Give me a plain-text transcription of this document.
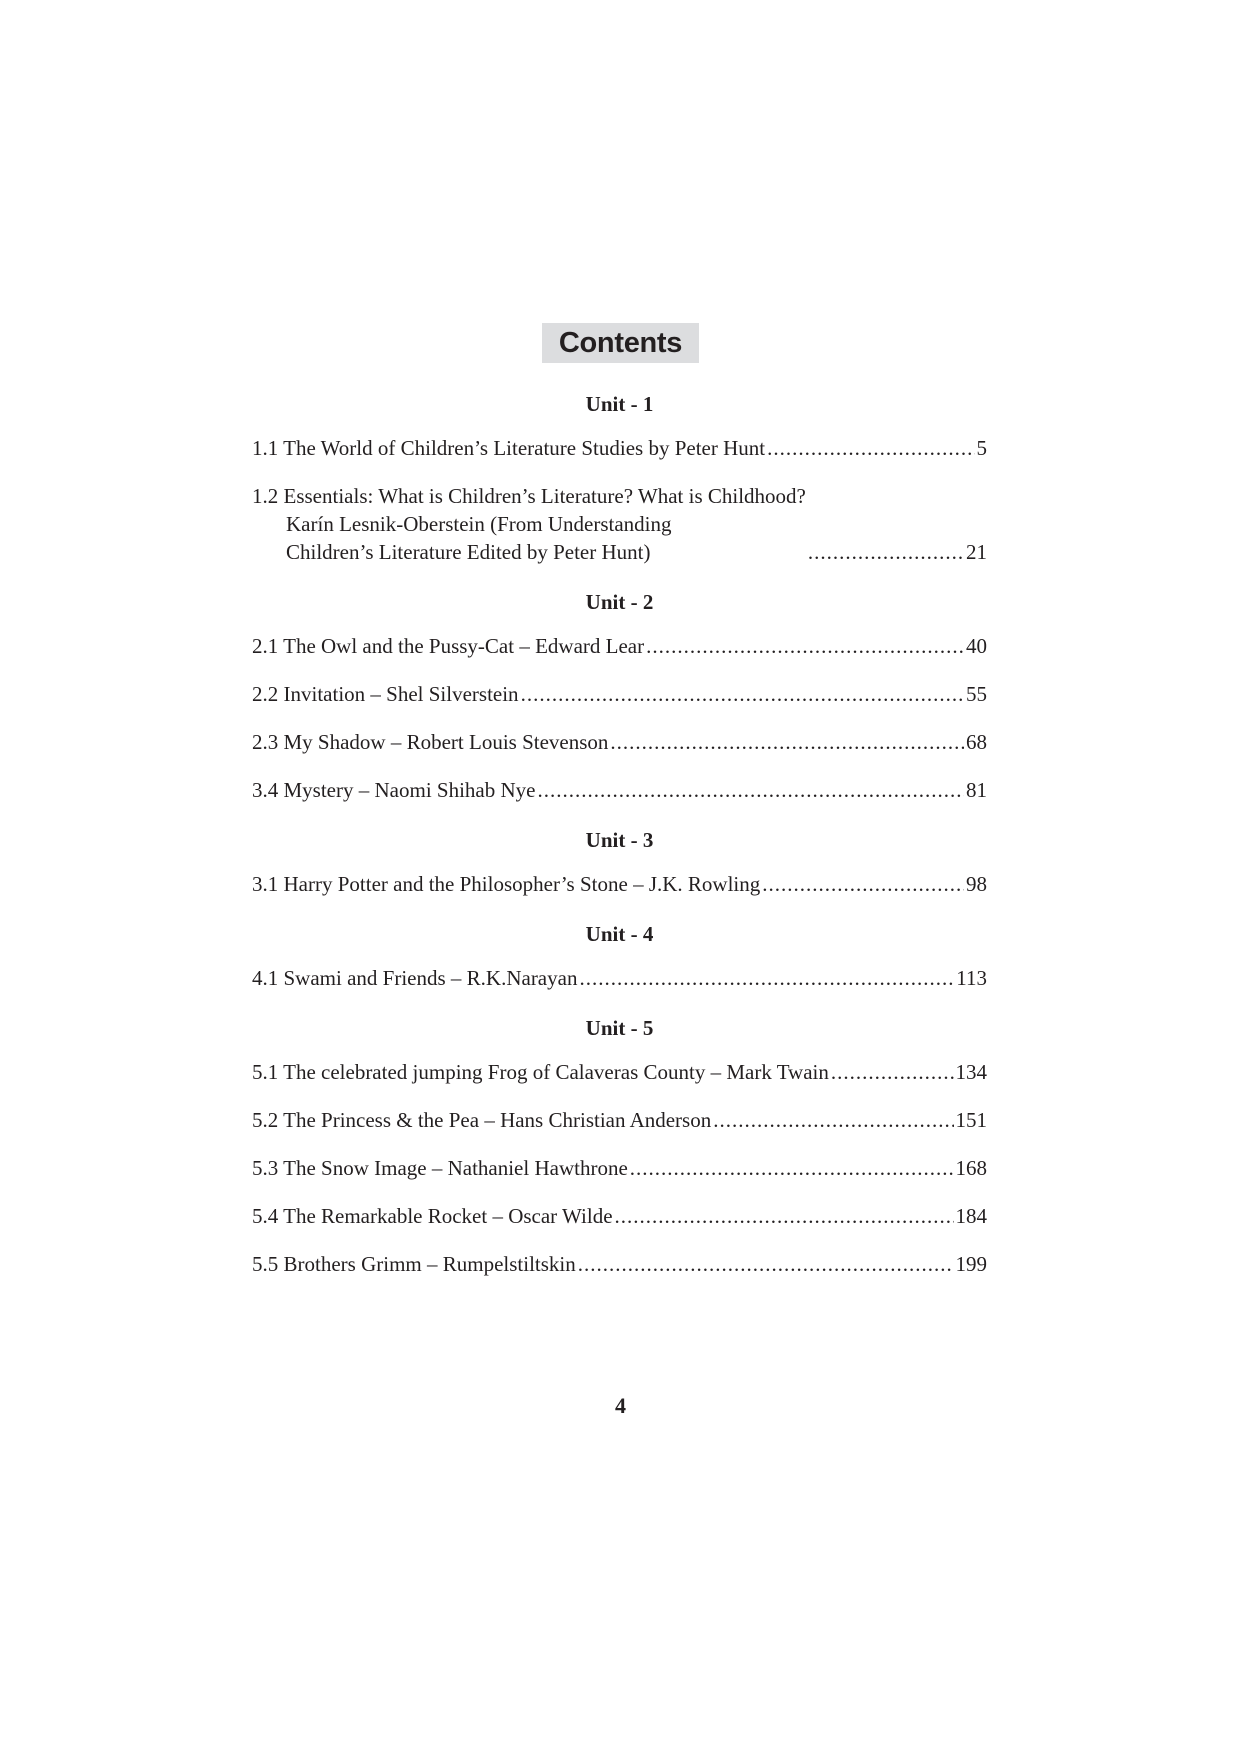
Contents
Unit - 1
1.1 The World of Children’s Literature Studies by Peter Hunt .....	5
1.2 Essentials: What is Children’s Literature? What is Childhood?
Karín Lesnik-Oberstein (From Understanding
Children’s Literature Edited by Peter Hunt) .....	21
Unit - 2
2.1 The Owl and the Pussy-Cat – Edward Lear .....	40
2.2 Invitation – Shel Silverstein .....	55
2.3 My Shadow – Robert Louis Stevenson .....	68
3.4 Mystery – Naomi Shihab Nye .....	81
Unit - 3
3.1 Harry Potter and the Philosopher’s Stone – J.K. Rowling .....	98
Unit - 4
4.1 Swami and Friends – R.K.Narayan .....	113
Unit - 5
5.1 The celebrated jumping Frog of Calaveras County – Mark Twain .....	134
5.2 The Princess & the Pea – Hans Christian Anderson .....	151
5.3 The Snow Image – Nathaniel Hawthrone .....	168
5.4 The Remarkable Rocket – Oscar Wilde .....	184
5.5 Brothers Grimm – Rumpelstiltskin .....	199
4
